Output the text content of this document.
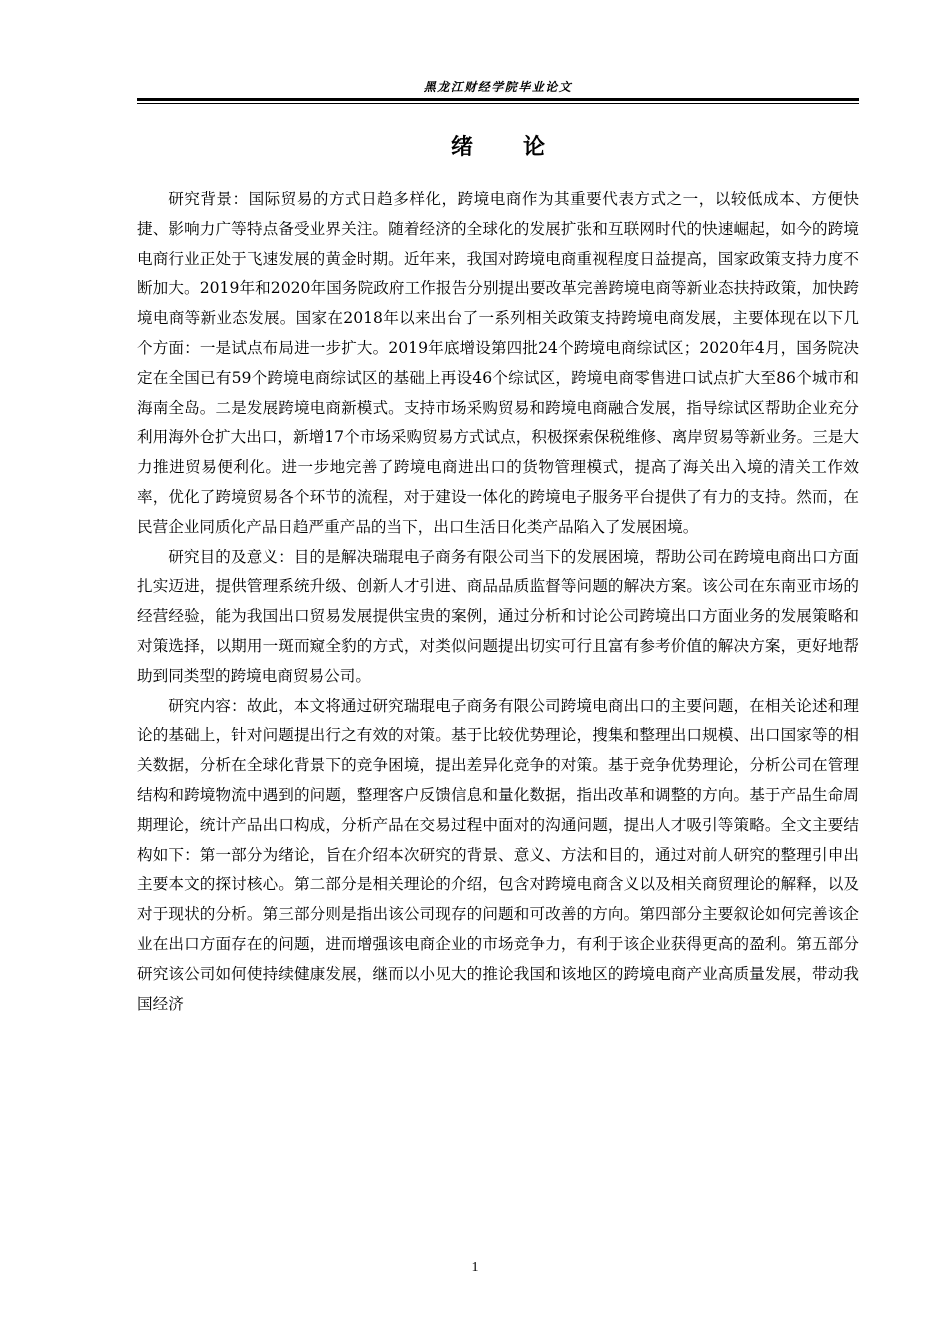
黑龙江财经学院毕业论文
绪论

研究背景：国际贸易的方式日趋多样化，跨境电商作为其重要代表方式之一，以较低成本、方便快捷、影响力广等特点备受业界关注。随着经济的全球化的发展扩张和互联网时代的快速崛起，如今的跨境电商行业正处于飞速发展的黄金时期。近年来，我国对跨境电商重视程度日益提高，国家政策支持力度不断加大。2019年和2020年国务院政府工作报告分别提出要改革完善跨境电商等新业态扶持政策，加快跨境电商等新业态发展。国家在2018年以来出台了一系列相关政策支持跨境电商发展，主要体现在以下几个方面：一是试点布局进一步扩大。2019年底增设第四批24个跨境电商综试区；2020年4月，国务院决定在全国已有59个跨境电商综试区的基础上再设46个综试区，跨境电商零售进口试点扩大至86个城市和海南全岛。二是发展跨境电商新模式。支持市场采购贸易和跨境电商融合发展，指导综试区帮助企业充分利用海外仓扩大出口，新增17个市场采购贸易方式试点，积极探索保税维修、离岸贸易等新业务。三是大力推进贸易便利化。进一步地完善了跨境电商进出口的货物管理模式，提高了海关出入境的清关工作效率，优化了跨境贸易各个环节的流程，对于建设一体化的跨境电子服务平台提供了有力的支持。然而，在民营企业同质化产品日趋严重产品的当下，出口生活日化类产品陷入了发展困境。

研究目的及意义：目的是解决瑞琨电子商务有限公司当下的发展困境，帮助公司在跨境电商出口方面扎实迈进，提供管理系统升级、创新人才引进、商品品质监督等问题的解决方案。该公司在东南亚市场的经营经验，能为我国出口贸易发展提供宝贵的案例，通过分析和讨论公司跨境出口方面业务的发展策略和对策选择，以期用一斑而窥全豹的方式，对类似问题提出切实可行且富有参考价值的解决方案，更好地帮助到同类型的跨境电商贸易公司。

研究内容：故此，本文将通过研究瑞琨电子商务有限公司跨境电商出口的主要问题，在相关论述和理论的基础上，针对问题提出行之有效的对策。基于比较优势理论，搜集和整理出口规模、出口国家等的相关数据，分析在全球化背景下的竞争困境，提出差异化竞争的对策。基于竞争优势理论，分析公司在管理结构和跨境物流中遇到的问题，整理客户反馈信息和量化数据，指出改革和调整的方向。基于产品生命周期理论，统计产品出口构成，分析产品在交易过程中面对的沟通问题，提出人才吸引等策略。全文主要结构如下：第一部分为绪论，旨在介绍本次研究的背景、意义、方法和目的，通过对前人研究的整理引申出主要本文的探讨核心。第二部分是相关理论的介绍，包含对跨境电商含义以及相关商贸理论的解释，以及对于现状的分析。第三部分则是指出该公司现存的问题和可改善的方向。第四部分主要叙论如何完善该企业在出口方面存在的问题，进而增强该电商企业的市场竞争力，有利于该企业获得更高的盈利。第五部分研究该公司如何使持续健康发展，继而以小见大的推论我国和该地区的跨境电商产业高质量发展，带动我国经济

1
